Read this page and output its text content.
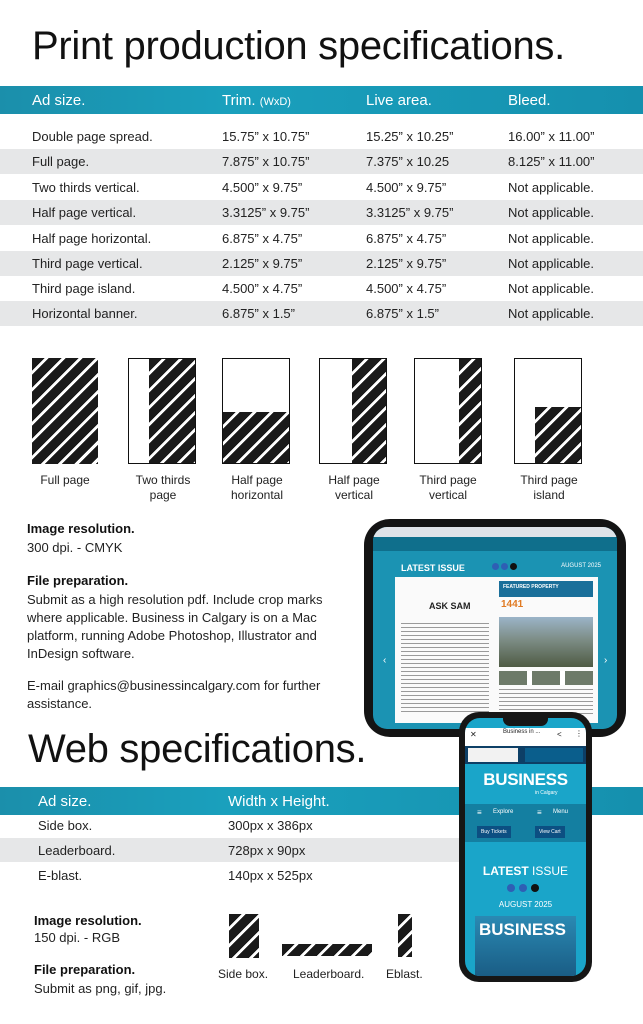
Print production specifications.
Ad size.	Trim. (WxD)	Live area.	Bleed.
Double page spread.	15.75” x 10.75”	15.25” x 10.25”	16.00” x 11.00”
Full page.	7.875” x 10.75”	7.375” x 10.25	8.125” x 11.00”
Two thirds vertical.	4.500” x 9.75”	4.500” x 9.75”	Not applicable.
Half page vertical.	3.3125” x 9.75”	3.3125” x 9.75”	Not applicable.
Half page horizontal.	6.875” x 4.75”	6.875” x 4.75”	Not applicable.
Third page vertical.	2.125” x 9.75”	2.125” x 9.75”	Not applicable.
Third page island.	4.500” x 4.75”	4.500” x 4.75”	Not applicable.
Horizontal banner.	6.875” x 1.5”	6.875” x 1.5”	Not applicable.
Full page	Two thirds
page
Half page
horizontal
Half page
vertical
Third page
vertical
Third page
island
Image resolution.
300 dpi. - CMYK
File preparation.
Submit as a high resolution pdf. Include crop marks where applicable. Business in Calgary is on a Mac platform, running Adobe Photoshop, Illustrator and InDesign software.
E-mail graphics@businessincalgary.com for further assistance.
LATEST ISSUE	AUGUST 2025
ASK SAM
FEATURED PROPERTY
1441
‹	›
Web specifications.
Ad size.	Width x Height.
Side box.	300px x 386px
Leaderboard.	728px x 90px
E-blast.	140px x 525px
Image resolution.
150 dpi. - RGB
File preparation.
Submit as png, gif, jpg.
Side box. Leaderboard. Eblast.
✕	Business in ... < ⋮
BUSINESS
in Calgary
≡ Explore	≡ Menu
Buy Tickets	View Cart
LATEST ISSUE
AUGUST 2025
BUSINESS
